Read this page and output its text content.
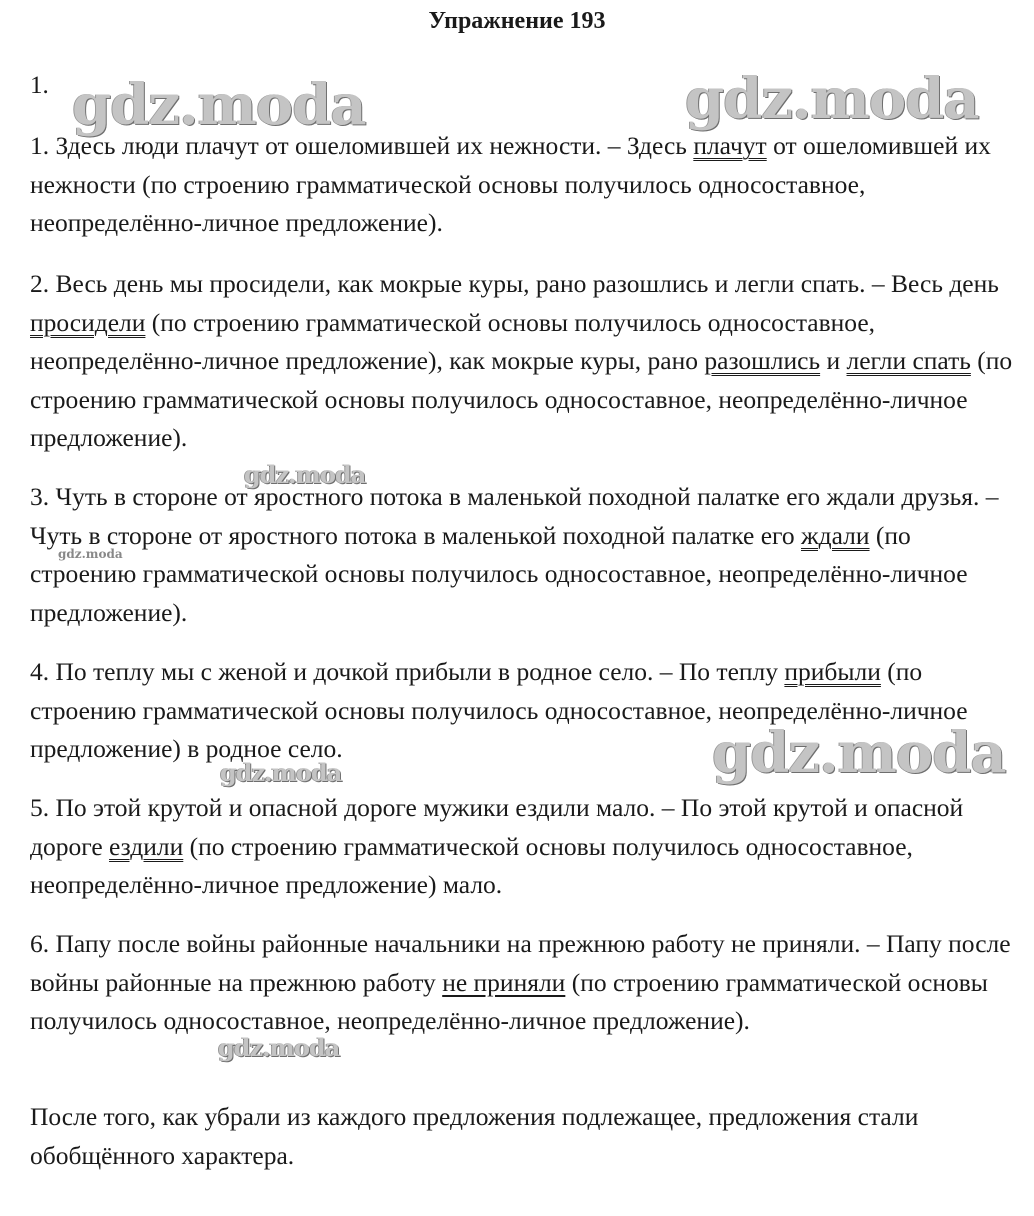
Упражнение 193
1.

1. Здесь люди плачут от ошеломившей их нежности. – Здесь плачут от ошеломившей их нежности (по строению грамматической основы получилось односоставное, неопределённо-личное предложение).

2. Весь день мы просидели, как мокрые куры, рано разошлись и легли спать. – Весь день просидели (по строению грамматической основы получилось односоставное, неопределённо-личное предложение), как мокрые куры, рано разошлись и легли спать (по строению грамматической основы получилось односоставное, неопределённо-личное предложение).

3. Чуть в стороне от яростного потока в маленькой походной палатке его ждали друзья. – Чуть в стороне от яростного потока в маленькой походной палатке его ждали (по строению грамматической основы получилось односоставное, неопределённо-личное предложение).

4. По теплу мы с женой и дочкой прибыли в родное село. – По теплу прибыли (по строению грамматической основы получилось односоставное, неопределённо-личное предложение) в родное село.

5. По этой крутой и опасной дороге мужики ездили мало. – По этой крутой и опасной дороге ездили (по строению грамматической основы получилось односоставное, неопределённо-личное предложение) мало.

6. Папу после войны районные начальники на прежнюю работу не приняли. – Папу после войны районные на прежнюю работу не приняли (по строению грамматической основы получилось односоставное, неопределённо-личное предложение).

После того, как убрали из каждого предложения подлежащее, предложения стали обобщённого характера.

gdz.moda	gdz.moda
gdz.moda
gdz.moda
gdz.moda
gdz.moda
gdz.moda
